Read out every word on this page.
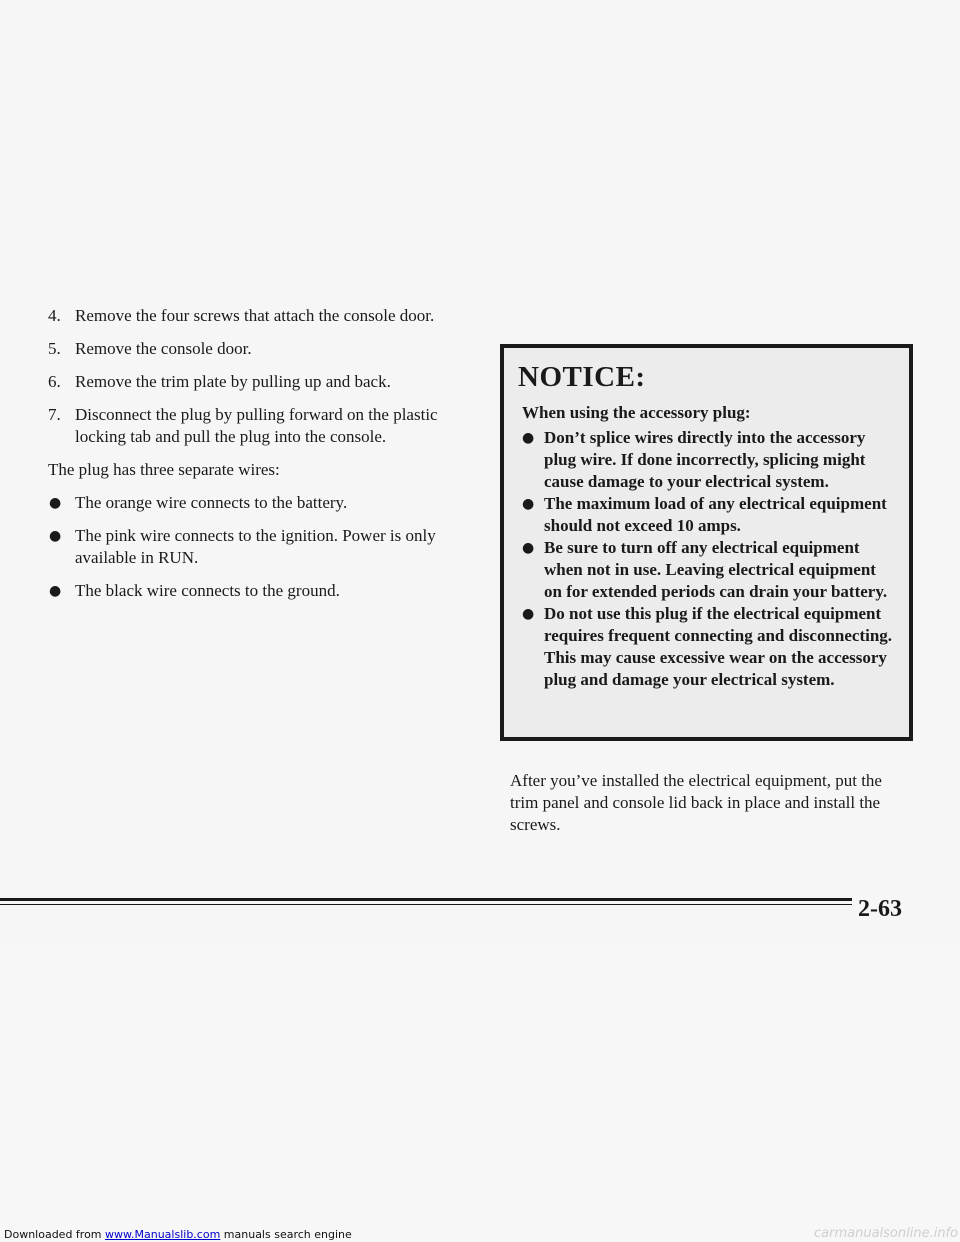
4. Remove the four screws that attach the console door.
5. Remove the console door.
6. Remove the trim plate by pulling up and back.
7. Disconnect the plug by pulling forward on the plastic locking tab and pull the plug into the console.
The plug has three separate wires:
● The orange wire connects to the battery.
● The pink wire connects to the ignition. Power is only available in RUN.
● The black wire connects to the ground.
NOTICE:
When using the accessory plug:
● Don’t splice wires directly into the accessory plug wire. If done incorrectly, splicing might cause damage to your electrical system.
● The maximum load of any electrical equipment should not exceed 10 amps.
● Be sure to turn off any electrical equipment when not in use. Leaving electrical equipment on for extended periods can drain your battery.
● Do not use this plug if the electrical equipment requires frequent connecting and disconnecting. This may cause excessive wear on the accessory plug and damage your electrical system.
After you’ve installed the electrical equipment, put the trim panel and console lid back in place and install the screws.
2-63
Downloaded from www.Manualslib.com manuals search engine	carmanualsonline.info
